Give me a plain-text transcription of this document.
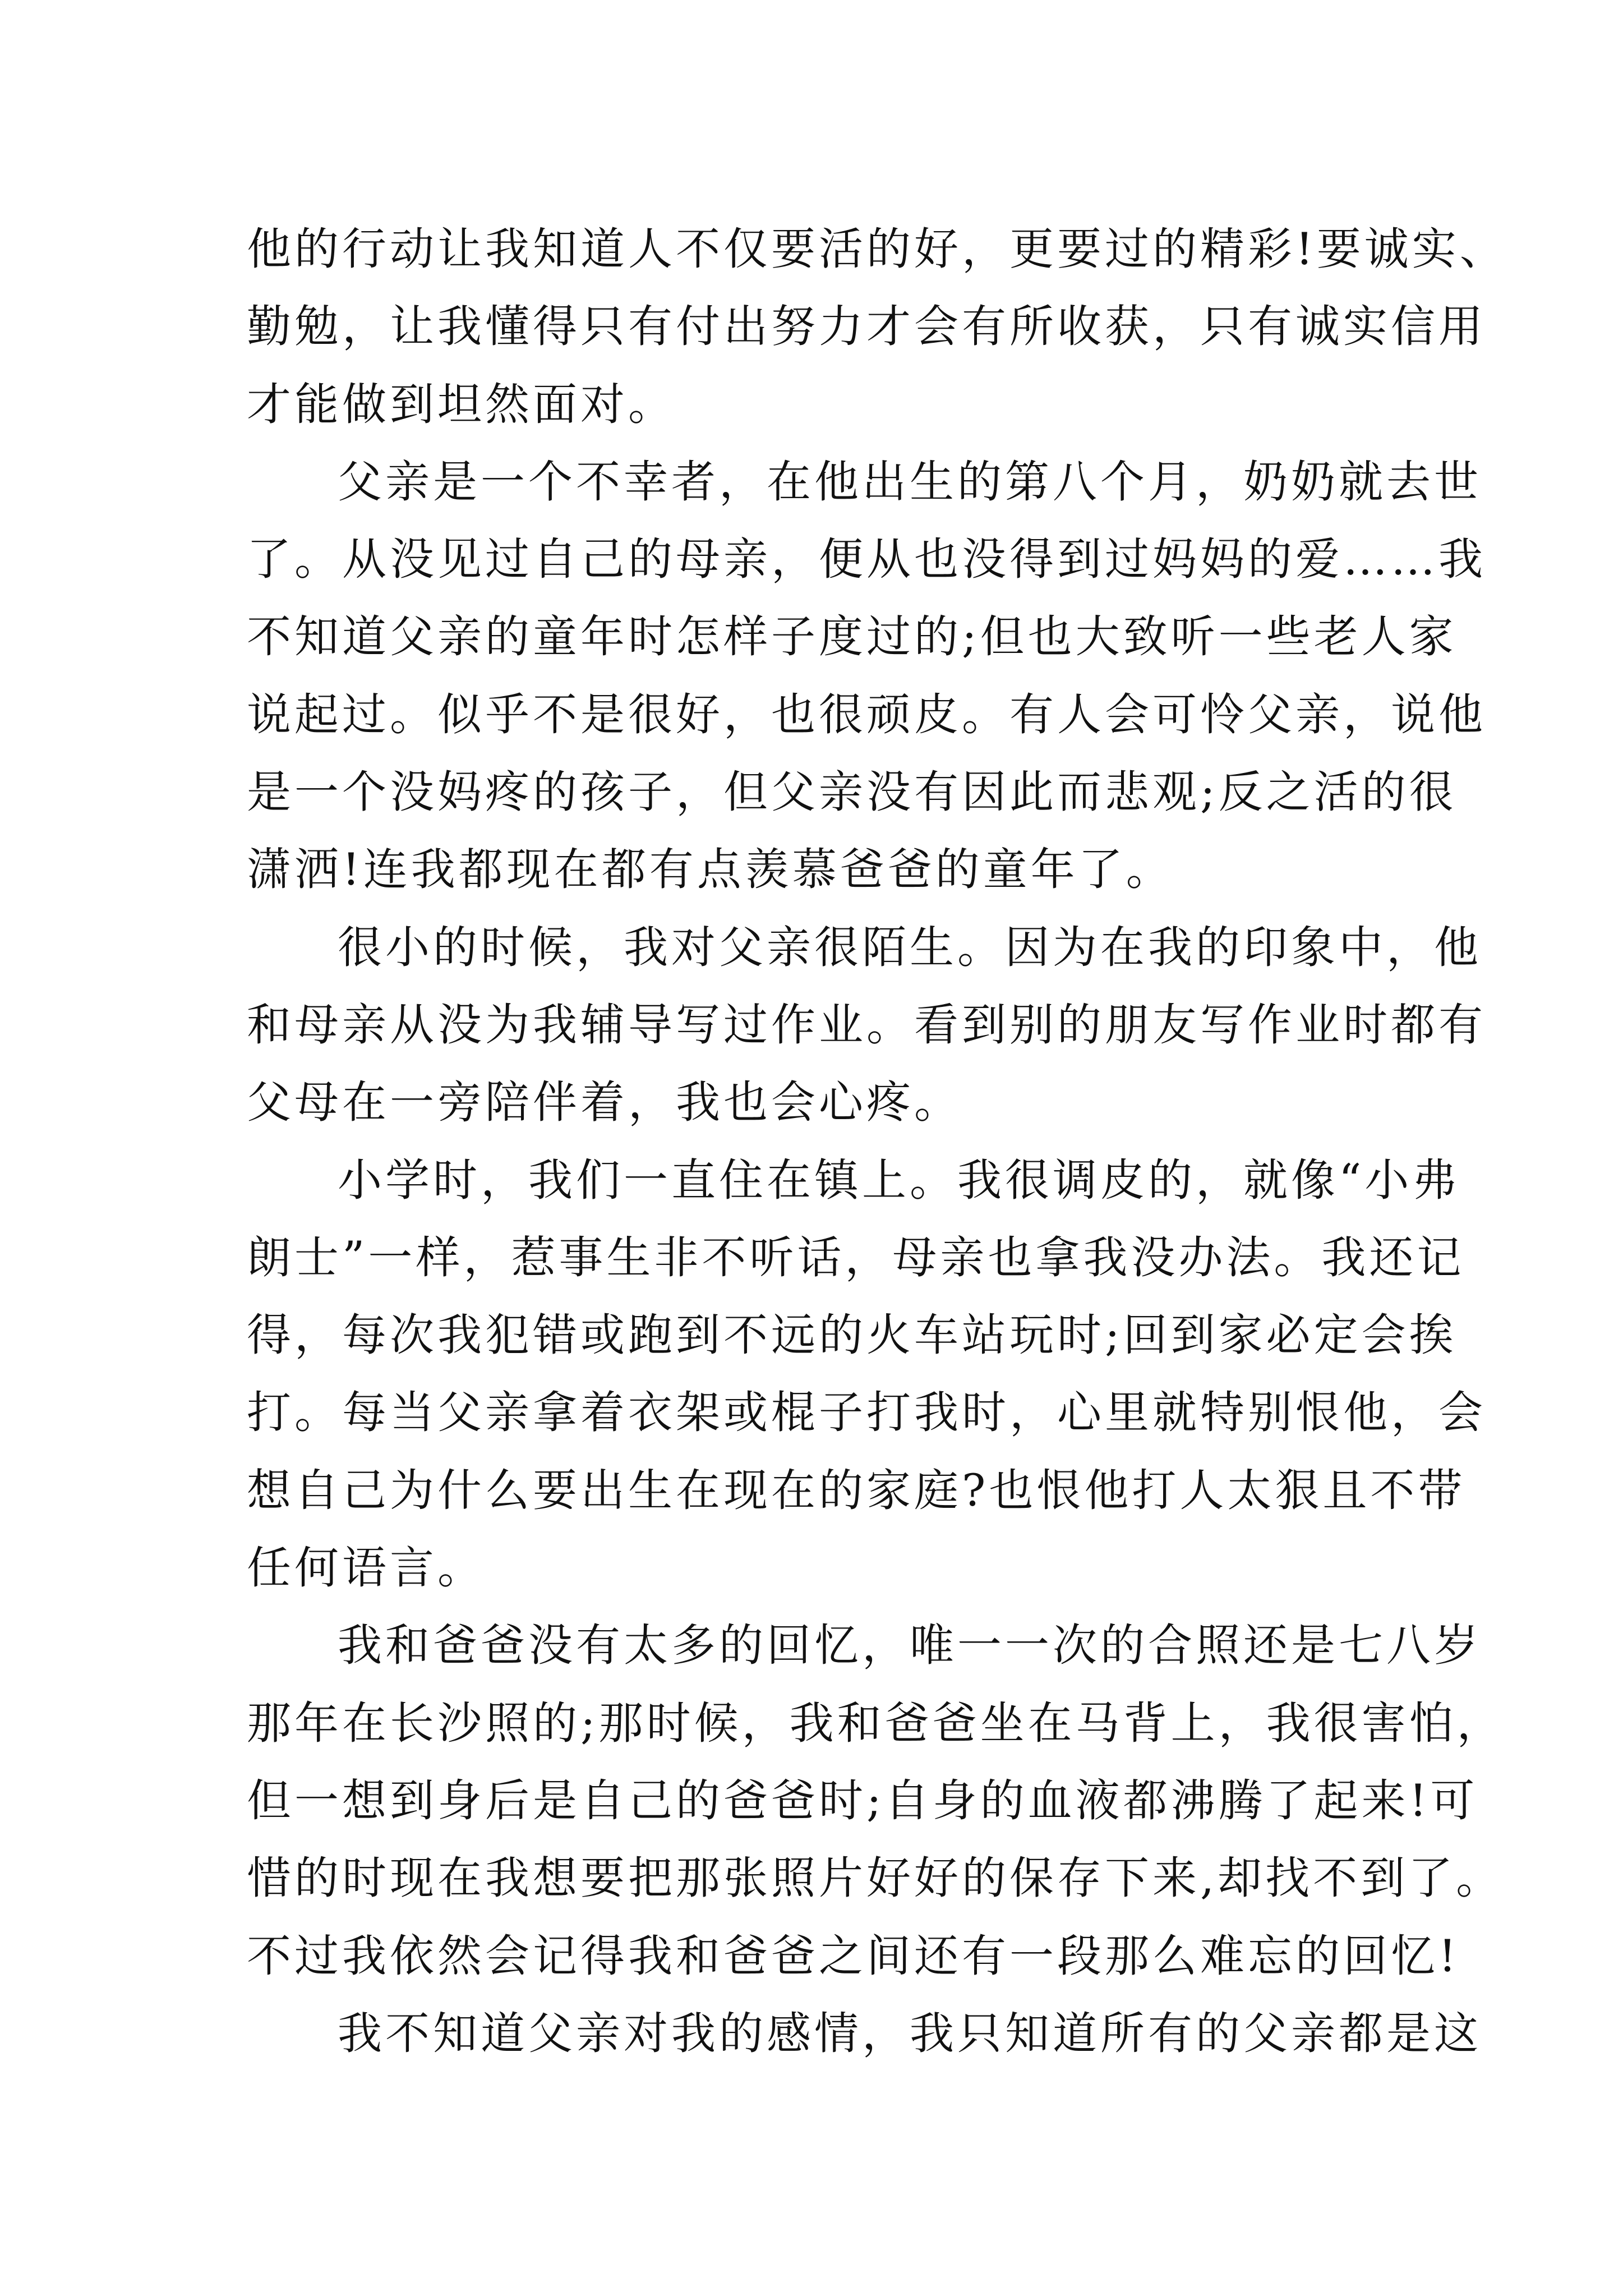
他的行动让我知道人不仅要活的好，更要过的精彩!要诚实、
勤勉，让我懂得只有付出努力才会有所收获，只有诚实信用
才能做到坦然面对。
父亲是一个不幸者，在他出生的第八个月，奶奶就去世
了。从没见过自己的母亲，便从也没得到过妈妈的爱……我
不知道父亲的童年时怎样子度过的;但也大致听一些老人家
说起过。似乎不是很好，也很顽皮。有人会可怜父亲，说他
是一个没妈疼的孩子，但父亲没有因此而悲观;反之活的很
潇洒!连我都现在都有点羡慕爸爸的童年了。
很小的时候，我对父亲很陌生。因为在我的印象中，他
和母亲从没为我辅导写过作业。看到别的朋友写作业时都有
父母在一旁陪伴着，我也会心疼。
小学时，我们一直住在镇上。我很调皮的，就像“小弗
朗士”一样，惹事生非不听话，母亲也拿我没办法。我还记
得，每次我犯错或跑到不远的火车站玩时;回到家必定会挨
打。每当父亲拿着衣架或棍子打我时，心里就特别恨他，会
想自己为什么要出生在现在的家庭?也恨他打人太狠且不带
任何语言。
我和爸爸没有太多的回忆，唯一一次的合照还是七八岁
那年在长沙照的;那时候，我和爸爸坐在马背上，我很害怕，
但一想到身后是自己的爸爸时;自身的血液都沸腾了起来!可
惜的时现在我想要把那张照片好好的保存下来,却找不到了。
不过我依然会记得我和爸爸之间还有一段那么难忘的回忆!
我不知道父亲对我的感情，我只知道所有的父亲都是这
